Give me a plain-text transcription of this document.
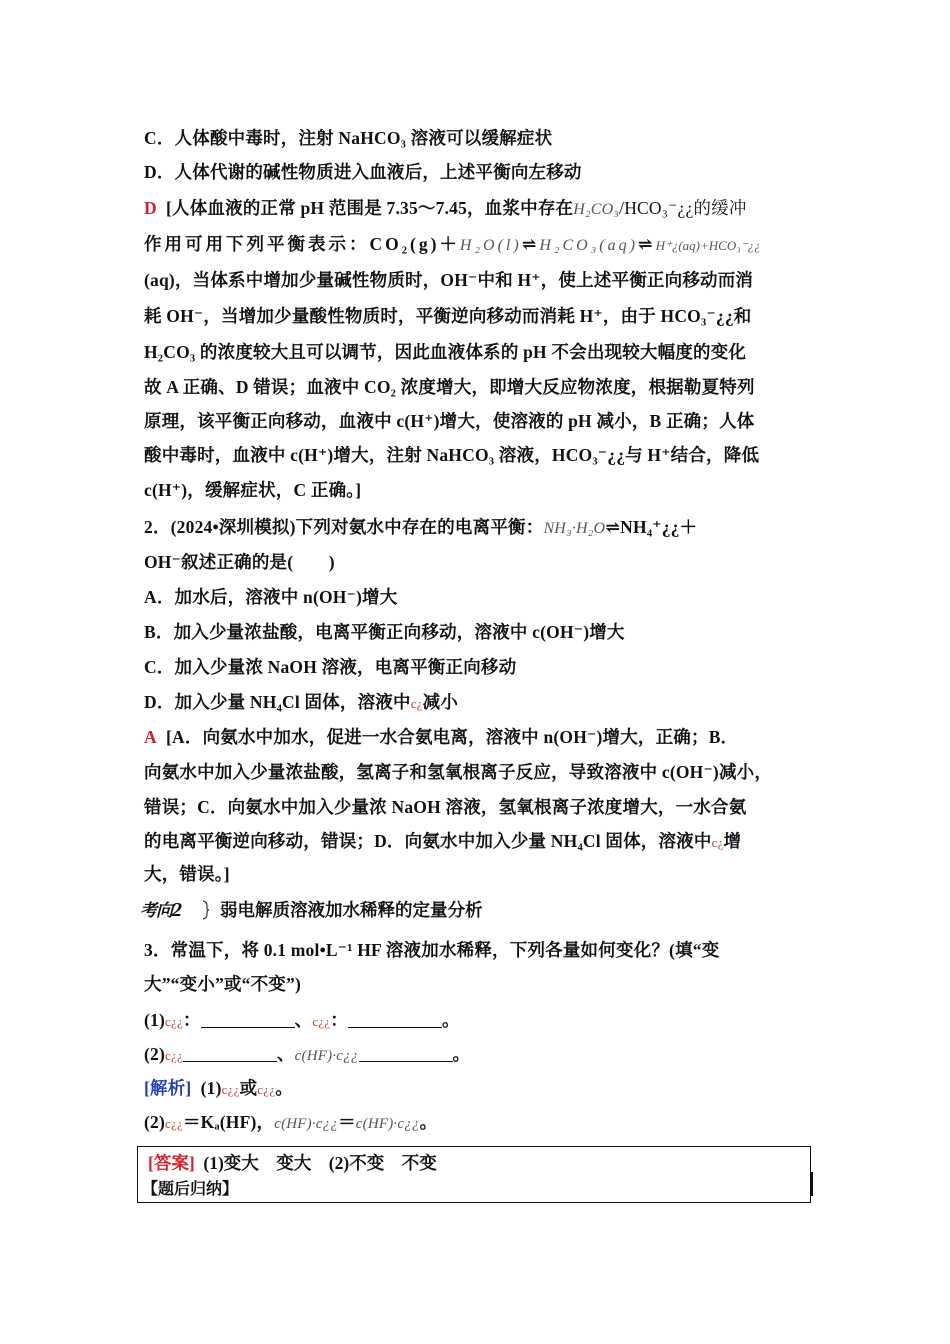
C．人体酸中毒时，注射 NaHCO₃ 溶液可以缓解症状
D．人体代谢的碱性物质进入血液后，上述平衡向左移动
D [人体血液的正常 pH 范围是 7.35～7.45，血浆中存在H₂CO₃/HCO₃⁻¿¿的缓冲
作用可用下列平衡表示：CO₂(g)＋H₂O(l)⇌H₂CO₃(aq)⇌H⁺¿(aq)+HCO₃⁻¿¿
(aq)，当体系中增加少量碱性物质时，OH⁻中和 H⁺，使上述平衡正向移动而消
耗 OH⁻，当增加少量酸性物质时，平衡逆向移动而消耗 H⁺，由于 HCO₃⁻¿¿和
H₂CO₃ 的浓度较大且可以调节，因此血液体系的 pH 不会出现较大幅度的变化
故 A 正确、D 错误；血液中 CO₂ 浓度增大，即增大反应物浓度，根据勒夏特列
原理，该平衡正向移动，血液中 c(H⁺)增大，使溶液的 pH 减小，B 正确；人体
酸中毒时，血液中 c(H⁺)增大，注射 NaHCO₃ 溶液，HCO₃⁻¿¿与 H⁺结合，降低
c(H⁺)，缓解症状，C 正确。]
2．(2024•深圳模拟)下列对氨水中存在的电离平衡：NH₃·H₂O⇌NH₄⁺¿¿＋
OH⁻叙述正确的是(　　)
A．加水后，溶液中 n(OH⁻)增大
B．加入少量浓盐酸，电离平衡正向移动，溶液中 c(OH⁻)增大
C．加入少量浓 NaOH 溶液，电离平衡正向移动
D．加入少量 NH₄Cl 固体，溶液中c¿减小
A [A．向氨水中加水，促进一水合氨电离，溶液中 n(OH⁻)增大，正确；B．
向氨水中加入少量浓盐酸，氢离子和氢氧根离子反应，导致溶液中 c(OH⁻)减小，
错误；C．向氨水中加入少量浓 NaOH 溶液，氢氧根离子浓度增大，一水合氨
的电离平衡逆向移动，错误；D．向氨水中加入少量 NH₄Cl 固体，溶液中c¿增
大，错误。]
考向2 弱电解质溶液加水稀释的定量分析
3．常温下，将 0.1 mol•L⁻¹ HF 溶液加水稀释，下列各量如何变化？(填“变
大”“变小”或“不变”)
(1)c¿¿：	、c¿¿：	。
(2)c¿¿	、c(HF)·c¿¿	。
[解析] (1)c¿¿或c¿¿。
(2)c¿¿＝Kₐ(HF)，c(HF)·c¿¿＝c(HF)·c¿¿。
[答案] (1)变大　变大　(2)不变　不变
【题后归纳】
